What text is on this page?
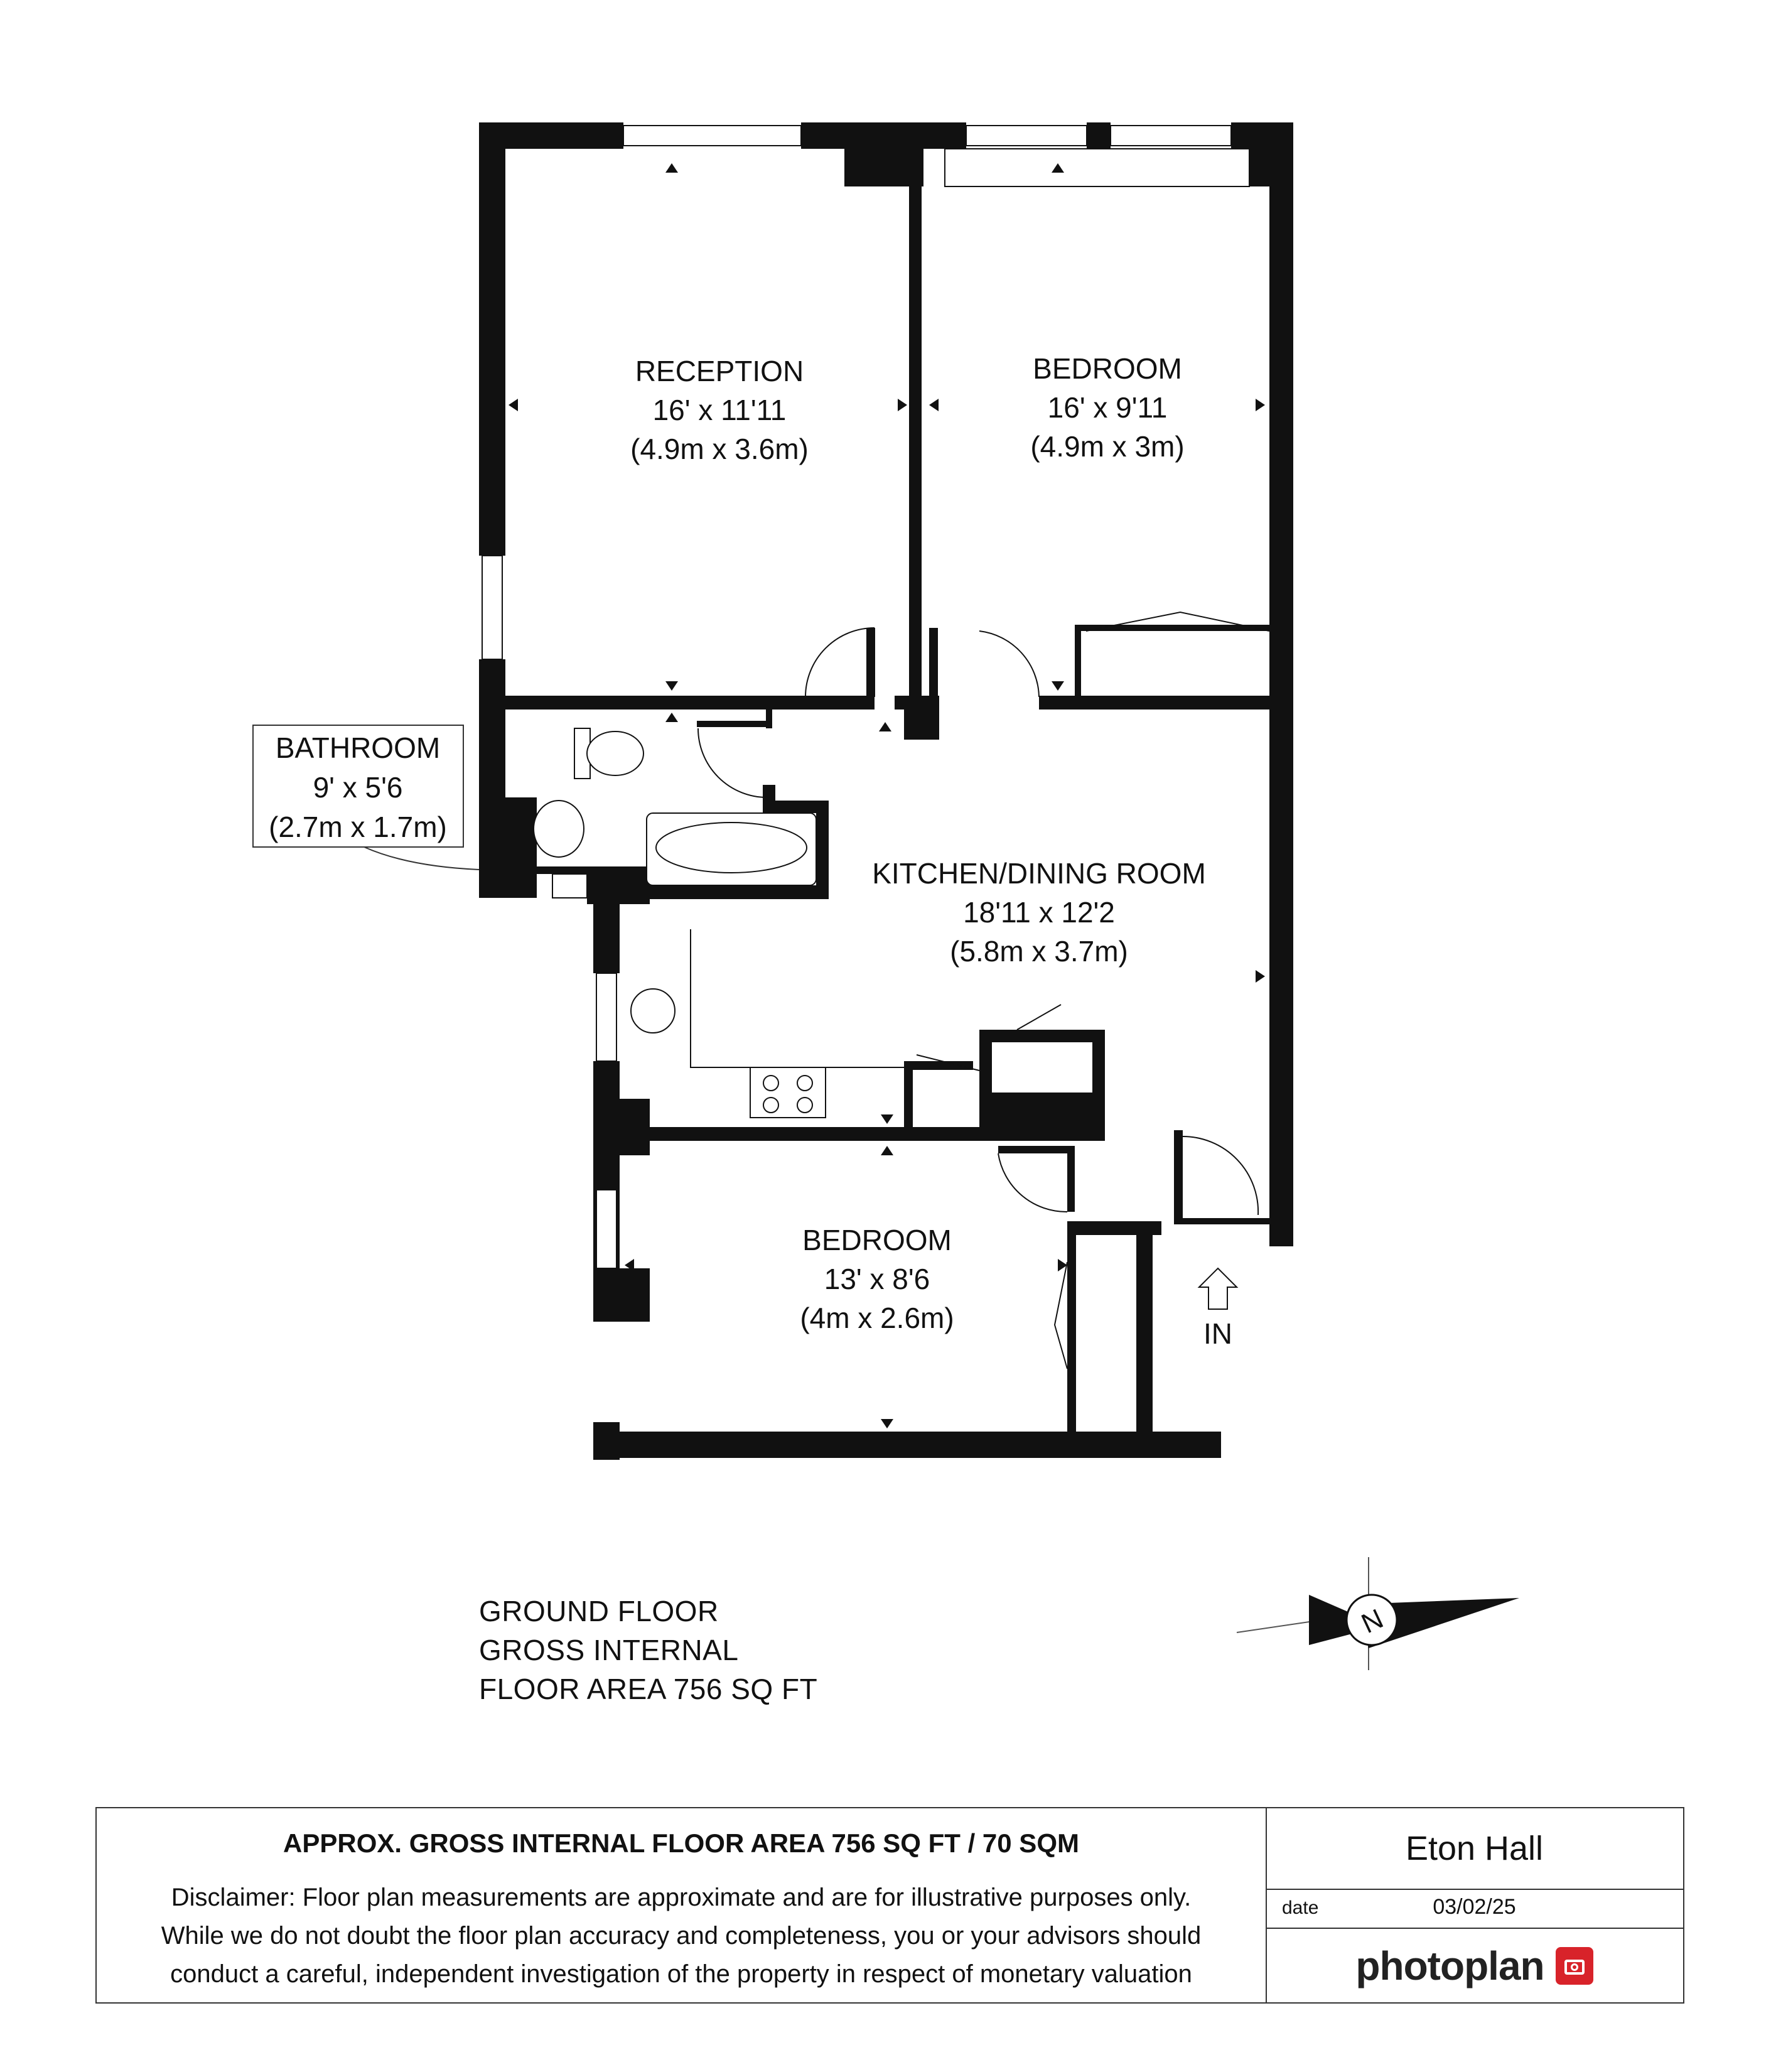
RECEPTION
16' x 11'11
(4.9m x 3.6m)
BEDROOM
16' x 9'11
(4.9m x 3m)
BATHROOM
9' x 5'6
(2.7m x 1.7m)
KITCHEN/DINING ROOM
18'11 x 12'2
(5.8m x 3.7m)
BEDROOM
13' x 8'6
(4m x 2.6m)	IN
N
GROUND FLOOR
GROSS INTERNAL
FLOOR AREA 756 SQ FT
APPROX. GROSS INTERNAL FLOOR AREA 756 SQ FT / 70 SQM
Disclaimer: Floor plan measurements are approximate and are for illustrative purposes only.
While we do not doubt the floor plan accuracy and completeness, you or your advisors should
conduct a careful, independent investigation of the property in respect of monetary valuation
Eton Hall
date	03/02/25
photoplan
